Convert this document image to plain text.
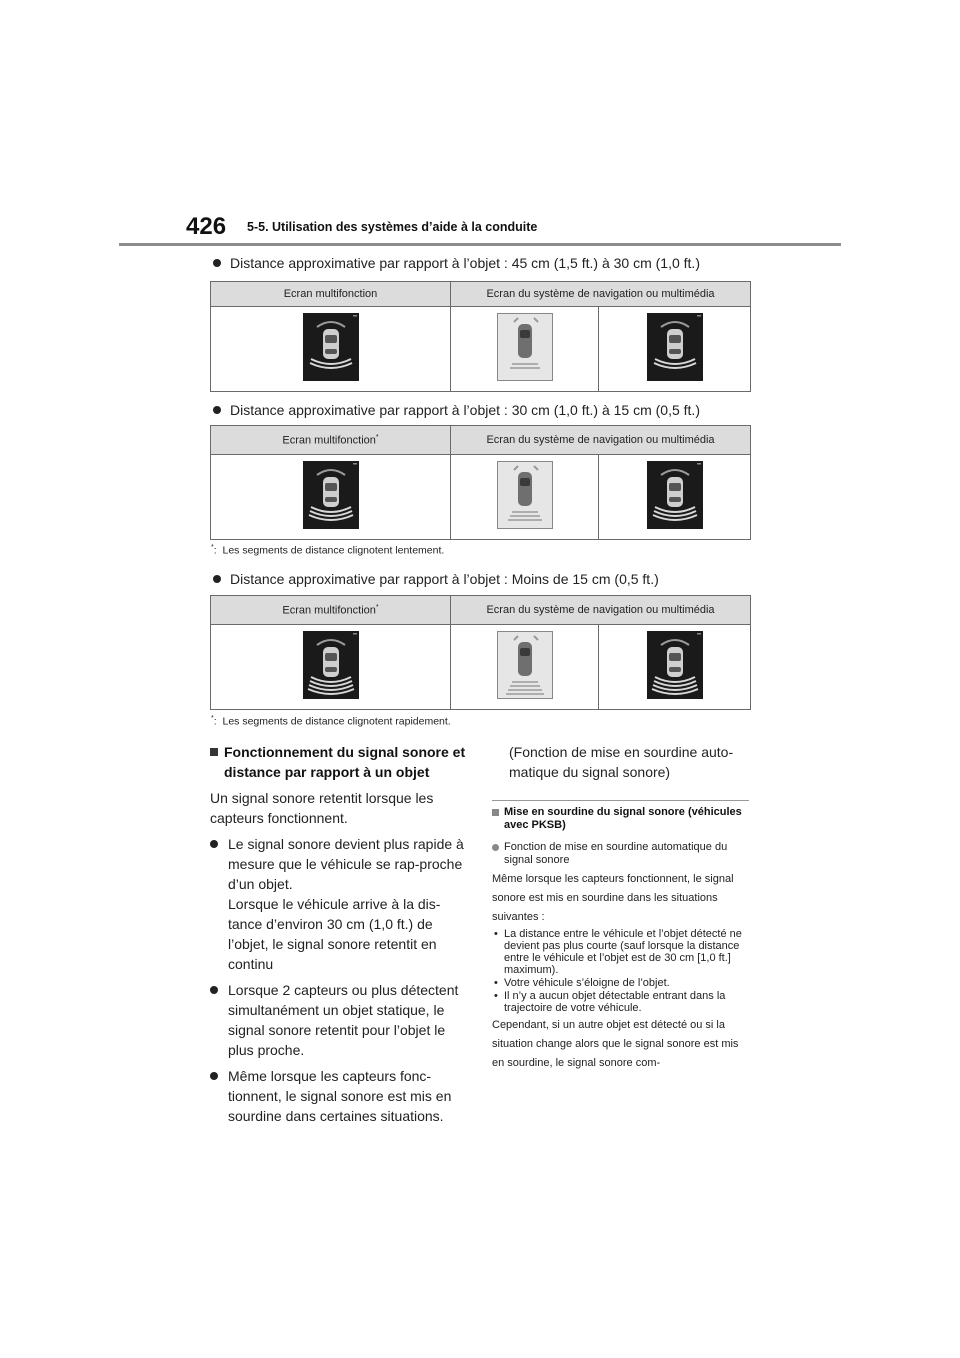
426 5-5. Utilisation des systèmes d’aide à la conduite
Distance approximative par rapport à l’objet : 45 cm (1,5 ft.) à 30 cm (1,0 ft.)
Ecran multifonction	Ecran du système de navigation ou multimédia	

Distance approximative par rapport à l’objet : 30 cm (1,0 ft.) à 15 cm (0,5 ft.)
Ecran multifonction*	Ecran du système de navigation ou multimédia	

*:  Les segments de distance clignotent lentement.
Distance approximative par rapport à l’objet : Moins de 15 cm (0,5 ft.)
Ecran multifonction*	Ecran du système de navigation ou multimédia	

*:  Les segments de distance clignotent rapidement.
Fonctionnement du signal sonore et distance par rapport à un objet
Un signal sonore retentit lorsque les capteurs fonctionnent.
Le signal sonore devient plus rapide à mesure que le véhicule se rap-proche d’un objet.
Lorsque le véhicule arrive à la dis-tance d’environ 30 cm (1,0 ft.) de l’objet, le signal sonore retentit en continu
Lorsque 2 capteurs ou plus détectent simultanément un objet statique, le signal sonore retentit pour l’objet le plus proche.
Même lorsque les capteurs fonc-tionnent, le signal sonore est mis en sourdine dans certaines situations.
(Fonction de mise en sourdine auto-matique du signal sonore)
Mise en sourdine du signal sonore (véhicules avec PKSB)
Fonction de mise en sourdine automatique du signal sonore
Même lorsque les capteurs fonctionnent, le signal sonore est mis en sourdine dans les situations suivantes :
• La distance entre le véhicule et l’objet détecté ne devient pas plus courte (sauf lorsque la distance entre le véhicule et l’objet est de 30 cm [1,0 ft.] maximum).
• Votre véhicule s’éloigne de l’objet.
• Il n’y a aucun objet détectable entrant dans la trajectoire de votre véhicule.
Cependant, si un autre objet est détecté ou si la situation change alors que le signal sonore est mis en sourdine, le signal sonore com-
